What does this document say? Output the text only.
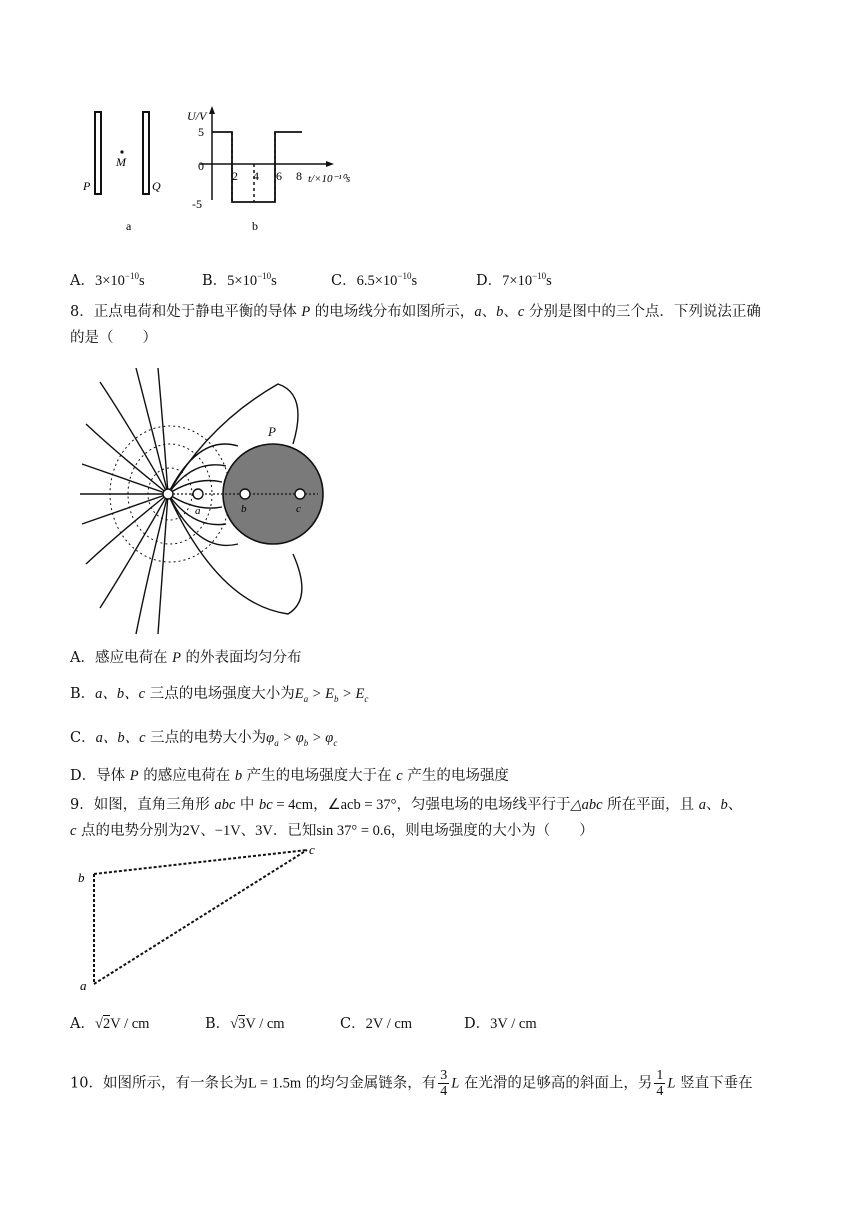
P
M
Q
a
U/V
t/×10⁻¹⁰s
5
0
-5
2 4 6 8
b
A．$3\times 10^{-10}s$	B．$5\times 10^{-10}s$	C．$6.5\times 10^{-10}s$	D．$7\times 10^{-10}s$
8．正点电荷和处于静电平衡的导体 P 的电场线分布如图所示，a、b、c 分别是图中的三个点．下列说法正确
的是（　　）
P
a	b	c
A．感应电荷在 P 的外表面均匀分布
B．a、b、c 三点的电场强度大小为$E_a > E_b > E_c$
C．a、b、c 三点的电势大小为$\varphi_a > \varphi_b > \varphi_c$
D．导体 P 的感应电荷在 b 产生的电场强度大于在 c 产生的电场强度
9．如图，直角三角形 abc 中 bc = 4cm，∠acb = 37°，匀强电场的电场线平行于△abc 所在平面，且 a、b、
c 点的电势分别为2V、−1V、3V．已知sin 37° = 0.6，则电场强度的大小为（　　）
b
c
a
A．√2V / cm	B．√3V / cm	C．2V / cm	D．3V / cm
10．如图所示，有一条长为L = 1.5m 的均匀金属链条，有 $\frac{3}{4}$ L 在光滑的足够高的斜面上，另 $\frac{1}{4}$ L 竖直下垂在
